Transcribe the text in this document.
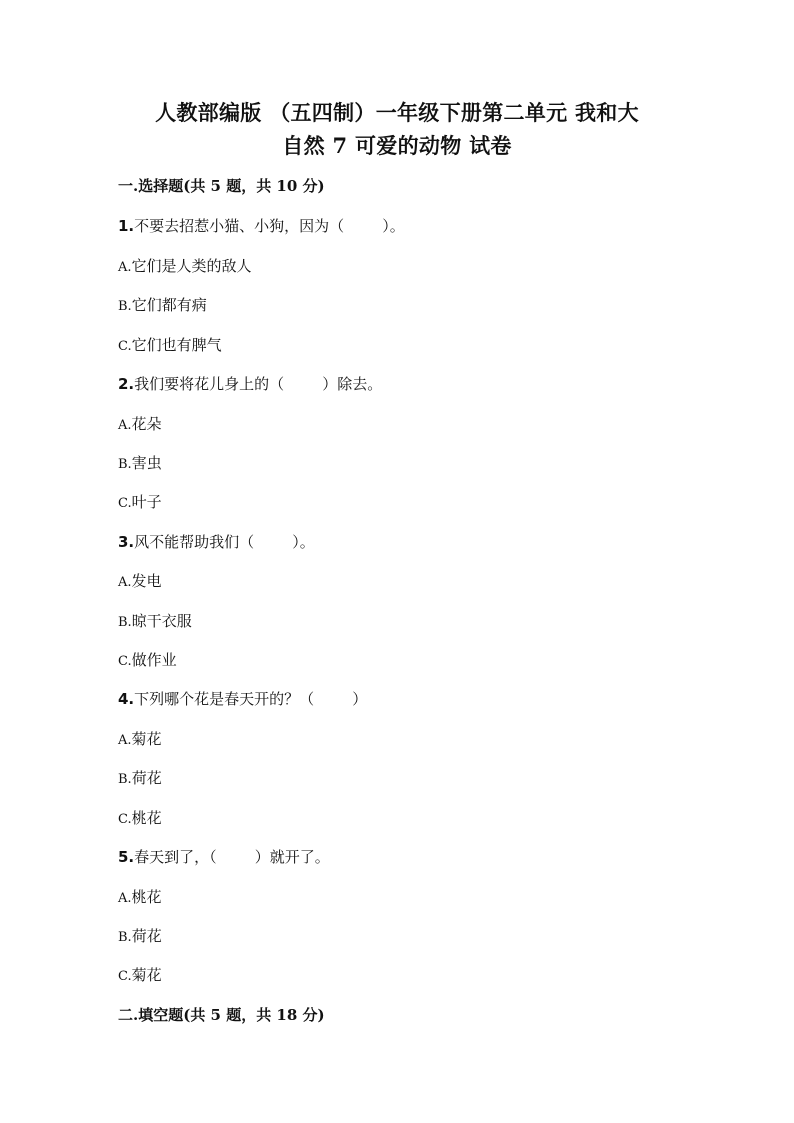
人教部编版 （五四制）一年级下册第二单元 我和大
自然 7 可爱的动物 试卷
一.选择题(共 5 题，共 10 分)
1.不要去招惹小猫、小狗，因为（        ）。
A.它们是人类的敌人
B.它们都有病
C.它们也有脾气
2.我们要将花儿身上的（        ）除去。
A.花朵
B.害虫
C.叶子
3.风不能帮助我们（        ）。
A.发电
B.晾干衣服
C.做作业
4.下列哪个花是春天开的？（        ）
A.菊花
B.荷花
C.桃花
5.春天到了，（        ）就开了。
A.桃花
B.荷花
C.菊花
二.填空题(共 5 题，共 18 分)
